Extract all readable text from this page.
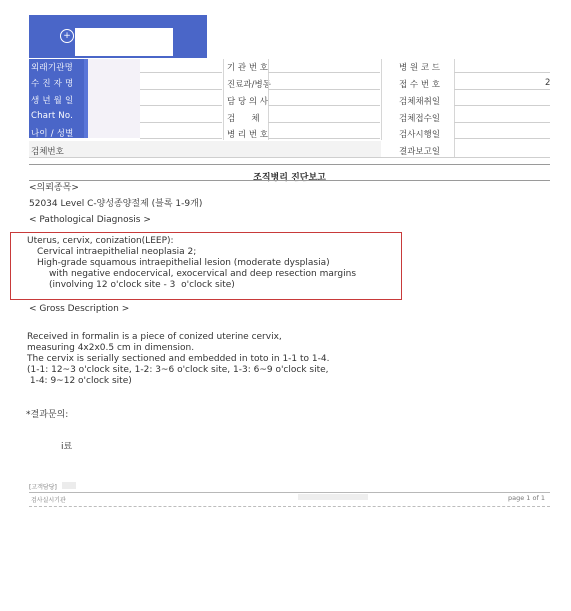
+
외래기관명
수 진 자 명
생 년 월 일
Chart No.
나이 / 성별
기 관 번 호
진료과/병동
담 당 의 사
검      체
병 리 번 호
병 원 코 드
접 수 번 호
검체채취일
검체접수일
검사시행일
결과보고일
2
검체번호
조직병리 진단보고
<의뢰종목>
52034 Level C-양성종양절제 (블록 1-9개)
< Pathological Diagnosis >
Uterus, cervix, conization(LEEP):
Cervical intraepithelial neoplasia 2;
High-grade squamous intraepithelial lesion (moderate dysplasia)
with negative endocervical, exocervical and deep resection margins
(involving 12 o'clock site - 3  o'clock site)
< Gross Description >
Received in formalin is a piece of conized uterine cervix,
measuring 4x2x0.5 cm in dimension.
The cervix is serially sectioned and embedded in toto in 1-1 to 1-4.
(1-1: 12~3 o'clock site, 1-2: 3~6 o'clock site, 1-3: 6~9 o'clock site,
1-4: 9~12 o'clock site)
*결과문의:
i료
[고객담당]
검사실시기관	page 1 of 1
